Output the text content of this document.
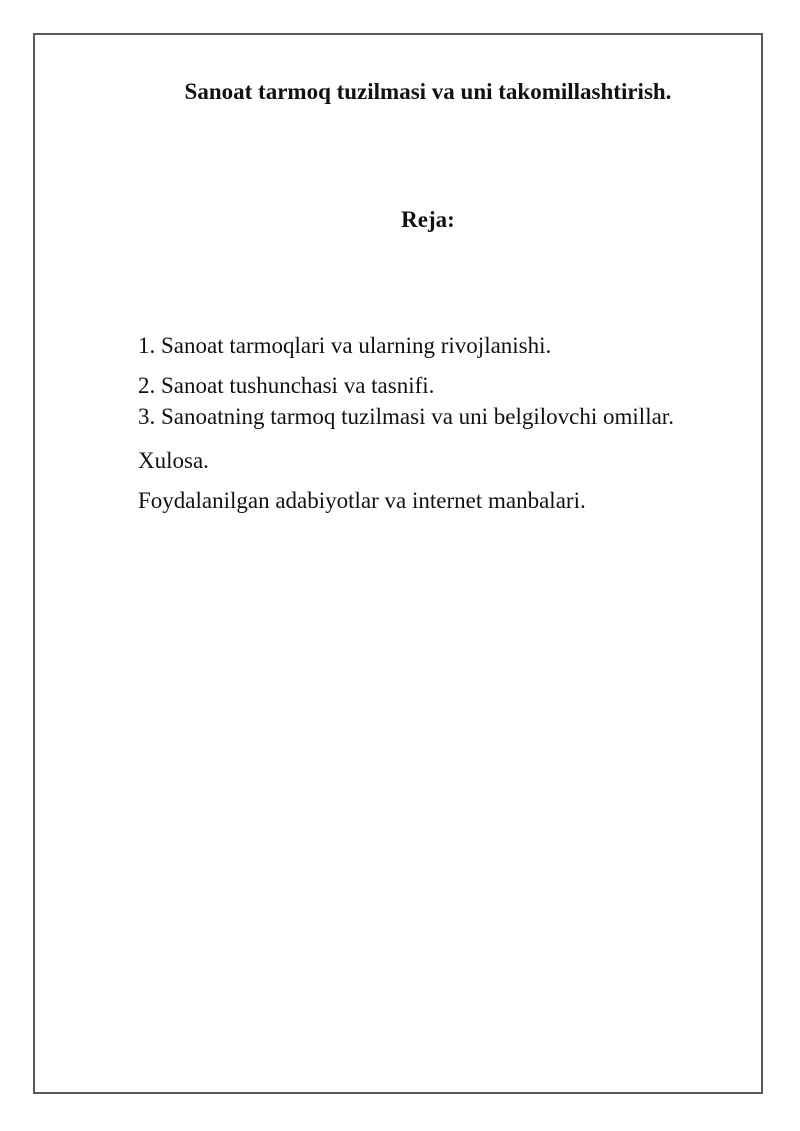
Sanoat tarmoq tuzilmasi va uni takomillashtirish.
Reja:

1. Sanoat tarmoqlari va ularning rivojlanishi.

2. Sanoat tushunchasi va tasnifi.

3. Sanoatning tarmoq tuzilmasi va uni belgilovchi omillar.

Xulosa.

Foydalanilgan adabiyotlar va internet manbalari.
